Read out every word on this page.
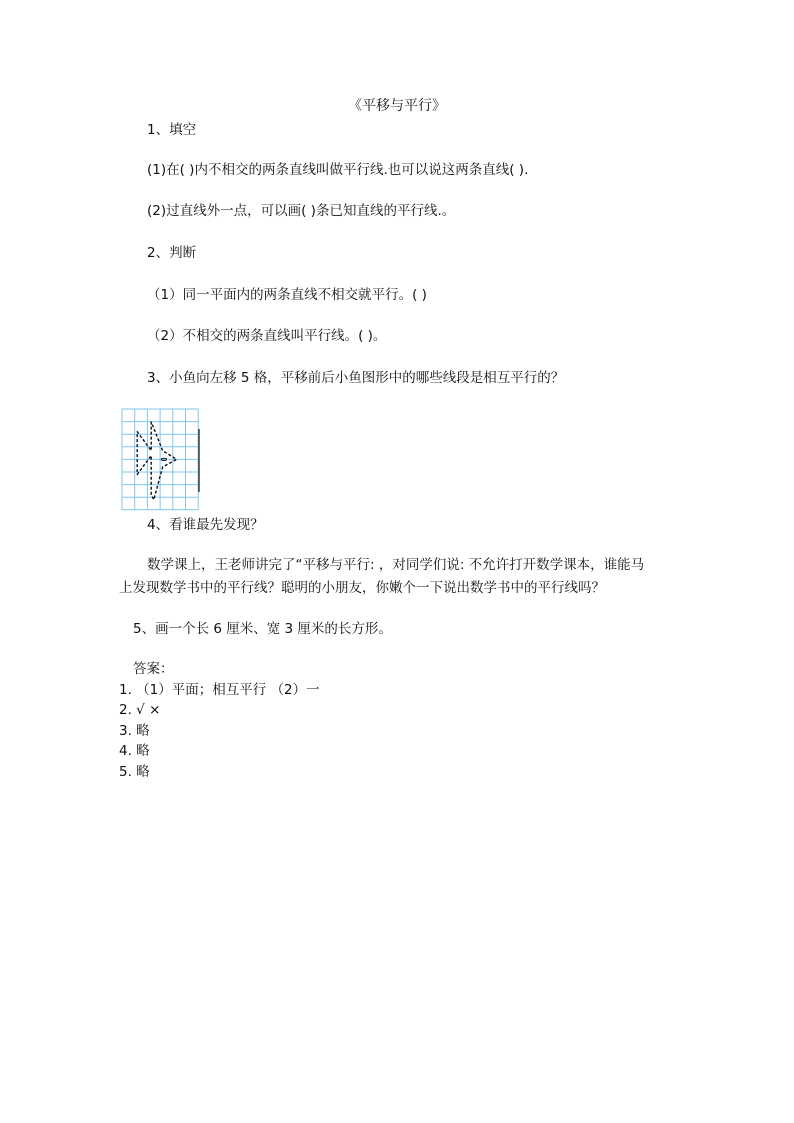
《平移与平行》
1、填空
(1)在( )内不相交的两条直线叫做平行线.也可以说这两条直线( ).
(2)过直线外一点，可以画( )条已知直线的平行线.。
2、判断
（1）同一平面内的两条直线不相交就平行。( )
（2）不相交的两条直线叫平行线。( )。
3、小鱼向左移 5 格，平移前后小鱼图形中的哪些线段是相互平行的？
4、看谁最先发现？
数学课上，王老师讲完了“平移与平行: ，对同学们说: 不允许打开数学课本，谁能马
上发现数学书中的平行线？聪明的小朋友，你嫩个一下说出数学书中的平行线吗？
5、画一个长 6 厘米、宽 3 厘米的长方形。
答案：
1. （1）平面；相互平行 （2）一
2. √ ×
3. 略
4. 略
5. 略
